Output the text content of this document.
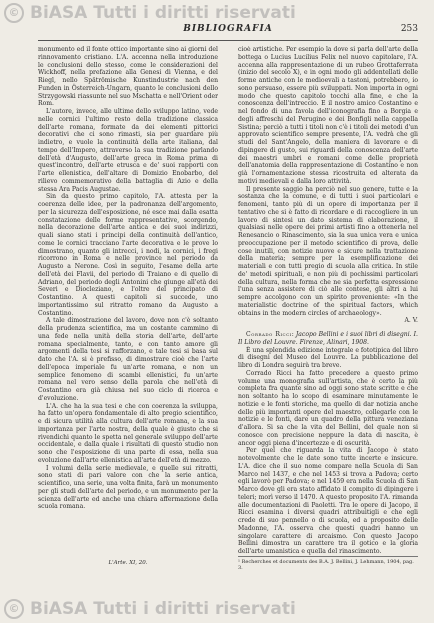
© BiASA Tutti i diritti riservati
BIBLIOGRAFIA	253

monumento ed il fonte ottico importante sino ai giorni del rinnovamento cristiano. L'A. accenna nella introduzione le conclusioni dello stesso, come le considerazioni del Wickhoff, nella prefazione alla Genesi di Vienna, e del Riegl, nello Spätrömische Kunstindustrie nach den Funden in Österreich-Ungarn, quanto le conclusioni dello Strzygowski riassunte nel suo Mschatta e nell'Orient oder Rom.

L'autore, invece, alle ultime dello sviluppo latino, vede nelle cornici l'ultimo resto della tradizione classica dell'arte romana, formate da dei elementi pittorici decorativi che ci sono rimasti, sia per guardare più indietro, e vuole la continuità della arte italiana, dal tempo dell'Impero, attraverso la sua tradizione parlando dell'età d'Augusto, dell'arte greca in Roma prima di quest'incontro, dell'arte etrusca e de' suoi rapporti con l'arte ellenistica, dell'altare di Domizio Enobarbo, del rilievo commemorativo della battaglia di Azio e della stessa Ara Pacis Augustae.

Sin da questo primo capitolo, l'A. attesta per la coerenza delle idee, per la padronanza dell'argomento, per la sicurezza dell'esposizione, né esce mai dalla esatta constatazione delle forme rappresentative, scorgendo, nella decorazione dell'arte antica e dei suoi indirizzi, quali siano stati i principi della continuità dell'antico, come le cornici tracciano l'arte decorativa e le prove lo dimostrano, quanto gli intrecci, i nodi, la cornici, i fregi ricorrono in Roma e nelle province nel periodo da Augusto a Nerone. Così in seguito, l'esame della arte dell'età dei Flavii, del periodo di Traiano e di quello di Adriano, del periodo degli Antonini che giunge all'età dei Severi e Diocleziano, e l'oltre del principato di Costantino. A questi capitoli si succede, uno importantissimo sul ritratto romano da Augusto a Costantino.

A tale dimostrazione del lavoro, dove non c'è soltanto della prudenza scientifica, ma un costante cammino di una fede nella unità della storia dell'arte, dell'arte romana specialmente, tanto, e con tanto amore gli argomenti della tesi si rafforzano, e tale tesi si basa sul dato che l'A. si è prefisso, di dimostrare cioè che l'arte dell'epoca imperiale fu un'arte romana, e non un semplice fenomeno di scambi ellenistici, fu un'arte romana nel vero senso della parola che nell'età di Costantino era già chiusa nel suo ciclo di ricerca e d'evoluzione.

L'A. che ha la sua tesi e che con coerenza la sviluppa, ha fatto un'opera fondamentale di alto pregio scientifico, e di sicura utilità alla cultura dell'arte romana, e la sua importanza per l'arte nostra, della quale è giusto che si rivendichi quanto le spetta nel generale sviluppo dell'arte occidentale, e dalla quale i risultati di questo studio non sono che l'esposizione di una parte di essa, nella sua evoluzione dall'arte ellenistica all'arte dell'età di mezzo.

I volumi della serie medievale, e quelle sui ritratti, sono stati di pari valore con che la serie antica, scientifico, una serie, una volta finita, farà un monumento per gli studi dell'arte del periodo, e un monumento per la scienza dell'arte ed anche una chiara affermazione della scuola romana.

cioè artistiche. Per esempio la dove si parla dell'arte della bottega o Lucius Lucilius Felix nel nuovo capitolare, l'A. accenna alla rappresentazione di un rubeo Grottaferrata (inizio del secolo X), e in ogni modo gli addentellati delle forme antiche con le medioevali a tastoni, potrebbero, io sono persuaso, essere più sviluppati. Non importa in ogni modo che questo capitolo tocchi alla fine, e che la conoscenza dell'intreccio. E il nostro amico Costantino e nel fondo di una favola dell'iconografia fino a Borgia e degli affreschi del Perugino e dei Bonfigli nella cappella Sistina; perciò a tutti i titoli non c'è i titoli dei metodi d'un approvato scientifico sempre presente, l'A. vedrà che gli studi del Sant'Angelo, della maniera di lavorare e di dipingere di gusto, sui riguardi della conoscenza dell'arte dei maestri umbri e romani come delle proprietà dell'anatomia della rappresentazione di Costantino e non già l'ornamentazione stessa ricostruita ed alterata da motivi medievali e dalla loro attività.

Il presente saggio ha perciò nel suo genere, tutte e la sostanza che la comune, e di tutti i suoi particolari e fenomeni, tanto più di un opere di importanza per il tentativo che si è fatto di ricordare e di raccogliere in un lavoro di sintesi un dato sistema di elaborazione, il qualsiasi nelle opere dei primi artisti fino a ottenerla nel Renesancio o Rinascimento, sia la sua unica vera e unica preoccupazione per il metodo scientifico di prova, delle cose inutili, con notizie nuove e sicure nella trattazione della materia; sempre per la esemplificazione dei materiali e con tutti pregio di scuola alla critica. In stile de' metodi spirituali, e non più di pochissimi particolari della cultura, nella forma che ne sia perfetta espressione l'una senza assistere di ciò alle contese, gli altri a lui sempre accolgono con un spirito proveniente: «In the materialistic doctrine of the spiritual factors, which obtains in the modern circles of archaeology».

A. V.

Corrado Ricci: Jacopo Bellini e i suoi libri di disegni. I. Il Libro del Louvre. Firenze, Alinari, 1908.

È una splendida edizione integrale e fototipica del libro di disegni del Museo del Louvre. La pubblicazione del libro di Londra seguirà tra breve.

Corrado Ricci ha fatto precedere a questo primo volume una monografia sull'artista, che è certo la più completa fra quante sino ad oggi sono state scritte e che non soltanto ha lo scopo di esaminare minutamente le notizie e le fonti storiche, ma quello di dar notizia anche delle più importanti opere del maestro, collegarle con le notizie e le fonti, dare un quadro della pittura veneziana d'allora. Si sa che la vita del Bellini, del quale non si conosce con precisione neppure la data di nascita, è ancor oggi piena d'incertezze e di oscurità.

Per quel che riguarda la vita di Jacopo è stato notevolmente che le date sono tutte incerte e insicure. L'A. dice che il suo nome compare nella Scuola di San Marco nel 1437, e che nel 1453 si trova a Padova; certo egli lavorò per Padova; e nel 1459 era nella Scuola di San Marco dove gli era stato affidato il compito di dipingere i teleri; morì verso il 1470. A questo proposito l'A. rimanda alle documentazioni di Paoletti. Tra le opere di Jacopo, il Ricci esamina i diversi quadri attribuitigli e che egli crede di suo pennello o di scuola, ed a proposito delle Madonne, l'A. osserva che questi quadri hanno un singolare carattere di arcaismo. Con questo Jacopo Bellini dimostra un carattere tra il gotico e la gloria dell'arte umanistica e quella del rinascimento.

L'Arte. XI, 20.	¹ Recherches et documents des B.A. J. Bellini, J. Lehmann, 1904, pag. 3.
© BiASA Tutti i diritti riservati
